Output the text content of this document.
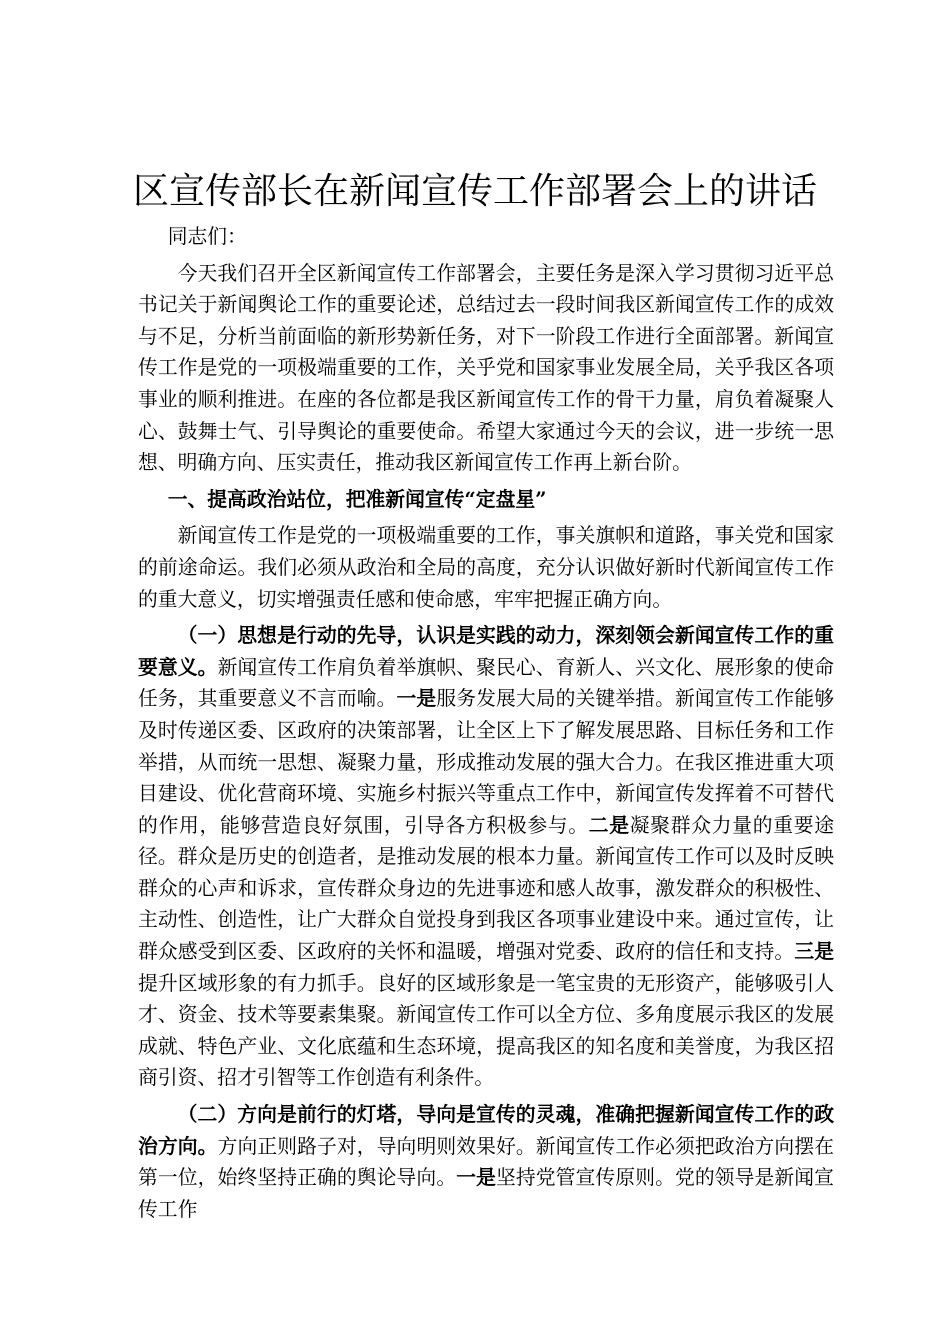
区宣传部长在新闻宣传工作部署会上的讲话

同志们：

今天我们召开全区新闻宣传工作部署会，主要任务是深入学习贯彻习近平总书记关于新闻舆论工作的重要论述，总结过去一段时间我区新闻宣传工作的成效与不足，分析当前面临的新形势新任务，对下一阶段工作进行全面部署。新闻宣传工作是党的一项极端重要的工作，关乎党和国家事业发展全局，关乎我区各项事业的顺利推进。在座的各位都是我区新闻宣传工作的骨干力量，肩负着凝聚人心、鼓舞士气、引导舆论的重要使命。希望大家通过今天的会议，进一步统一思想、明确方向、压实责任，推动我区新闻宣传工作再上新台阶。

一、提高政治站位，把准新闻宣传“定盘星”

新闻宣传工作是党的一项极端重要的工作，事关旗帜和道路，事关党和国家的前途命运。我们必须从政治和全局的高度，充分认识做好新时代新闻宣传工作的重大意义，切实增强责任感和使命感，牢牢把握正确方向。

（一）思想是行动的先导，认识是实践的动力，深刻领会新闻宣传工作的重要意义。新闻宣传工作肩负着举旗帜、聚民心、育新人、兴文化、展形象的使命任务，其重要意义不言而喻。一是服务发展大局的关键举措。新闻宣传工作能够及时传递区委、区政府的决策部署，让全区上下了解发展思路、目标任务和工作举措，从而统一思想、凝聚力量，形成推动发展的强大合力。在我区推进重大项目建设、优化营商环境、实施乡村振兴等重点工作中，新闻宣传发挥着不可替代的作用，能够营造良好氛围，引导各方积极参与。二是凝聚群众力量的重要途径。群众是历史的创造者，是推动发展的根本力量。新闻宣传工作可以及时反映群众的心声和诉求，宣传群众身边的先进事迹和感人故事，激发群众的积极性、主动性、创造性，让广大群众自觉投身到我区各项事业建设中来。通过宣传，让群众感受到区委、区政府的关怀和温暖，增强对党委、政府的信任和支持。三是提升区域形象的有力抓手。良好的区域形象是一笔宝贵的无形资产，能够吸引人才、资金、技术等要素集聚。新闻宣传工作可以全方位、多角度展示我区的发展成就、特色产业、文化底蕴和生态环境，提高我区的知名度和美誉度，为我区招商引资、招才引智等工作创造有利条件。

（二）方向是前行的灯塔，导向是宣传的灵魂，准确把握新闻宣传工作的政治方向。方向正则路子对，导向明则效果好。新闻宣传工作必须把政治方向摆在第一位，始终坚持正确的舆论导向。一是坚持党管宣传原则。党的领导是新闻宣传工作
